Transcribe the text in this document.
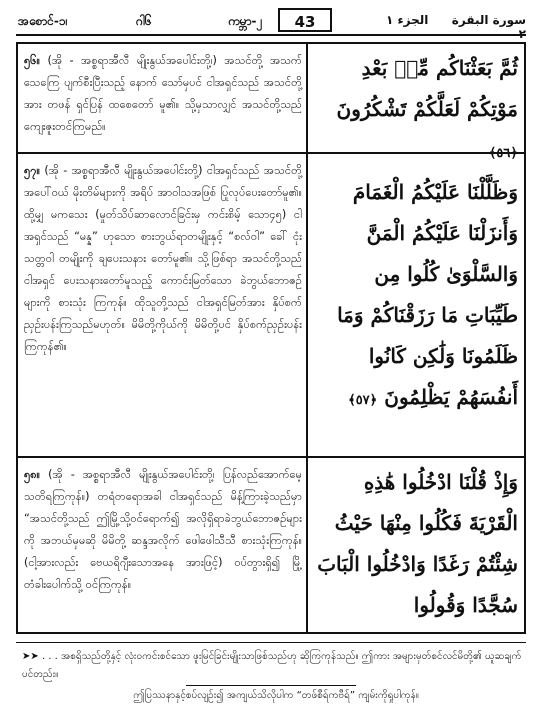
အစောင်-၁၊	ဂါ၆	ကမ္ဘာ-၂	43	الجزء ١	سورة البقرة
၅၆။ (အို - အစ္စရာအီလီ မျိုးနွယ်အပေါင်းတို့၊) အသင်တို့ အသက်သေကြေ ပျက်စီးပြီးသည့် နောက် သော်မှပင် ငါအရှင်သည် အသင်တို့အား တဖန် ရှင်ပြန် ထစေတော် မူ၏။ သို့မှသာလျှင် အသင်တို့သည် ကျေးဇူးတင်ကြမည်။
ثُمَّ بَعَثْنَاكُم مِّنۢ بَعْدِ مَوْتِكُمْ لَعَلَّكُمْ تَشْكُرُونَ ﴿٥٦﴾
၅၇။ (အို - အစ္စရာအီလီ မျိုးနွယ်အပေါင်းတို့) ငါအရှင်သည် အသင်တို့အပေါ်ဝယ် မိုးတိမ်များကို အရိပ် အာဝါသအဖြစ် ပြုလုပ်ပေးတော်မူ၏။ ထို့မျှ မကသေး (မှုတ်သိပ်ဆာလောင်ခြင်းမှ ကင်းစိမ့် သော၄၅) ငါ အရှင်သည် “မန္န” ဟုသော စားဘွယ်ရာတမျိုးနှင့် “စလ်ဝါ” ခေါ် ငုံးသတ္တဝါ တမျိုးကို ချပေးသနား တော်မူ၏။ သို့ဖြစ်ရာ အသင်တို့သည် ငါအရှင် ပေးသနားတော်မူသည့် ကောင်းမြတ်သော ခဲဘွယ်ဘောဇဉ်များကို စားသုံး ကြကုန်။ ထိုသူတို့သည် ငါအရှင်မြတ်အား နှိပ်စက် ညှဉ်းပန်းကြသည်မဟုတ်။ မိမိတို့ကိုယ်ကို မိမိတို့ပင် နှိပ်စက်ညှဉ်းပန်းကြကုန်၏။
وَظَلَّلْنَا عَلَيْكُمُ الْغَمَامَ وَأَنزَلْنَا عَلَيْكُمُ الْمَنَّ وَالسَّلْوَىٰ كُلُوا مِن طَيِّبَاتِ مَا رَزَقْنَاكُمْ وَمَا ظَلَمُونَا وَلَٰكِن كَانُوا أَنفُسَهُمْ يَظْلِمُونَ ﴿٥٧﴾
၅၈။ (အို - အစ္စရာအီလီ မျိုးနွယ်အပေါင်းတို့၊ ပြန်လည်အောက်မေ့သတိရကြကုန်။) တရံတရောအခါ ငါအရှင်သည် မိန့်ကြားခဲ့သည်မှာ “အသင်တို့သည် ဤမြို့သို့ဝင်ရောက်၍ အလိုရှိရာခဲဘွယ်ဘောဇဉ်များ ကို အဘယ်မှမဆို မိမိတို့ ဆန္ဒအလိုက် ဖေါဖေါသီသီ စားသုံးကြကုန်။ (ငါ့အားလည်း ဗေယရိဂျီးသောအနေ အားဖြင့်) ဝပ်တွားရှိ၍ မြို့တံခါးပေါက်သို့ ဝင်ကြကုန်။
وَإِذْ قُلْنَا ادْخُلُوا هَٰذِهِ الْقَرْيَةَ فَكُلُوا مِنْهَا حَيْثُ شِئْتُمْ رَغَدًا وَادْخُلُوا الْبَابَ سُجَّدًا وَقُولُوا
➤➤ . . . အစရှိသည်တို့နှင့် လုံးဝကင်းစင်သော ဖူးမြင်ခြင်းမျိုးသာဖြစ်သည်ဟု ဆိုကြကုန်သည်။ ဤကား အများမှတ်စင်လင်မိတို့၏ ယူဆချက်ပင်တည်း။
ဤပြဿနာနှင့်စပ်လျဉ်း၍ အကျယ်သိလိုပါက “တဖ်စီရ်ကဗီရ်” ကျမ်းကိုရှုပါကုန်။
